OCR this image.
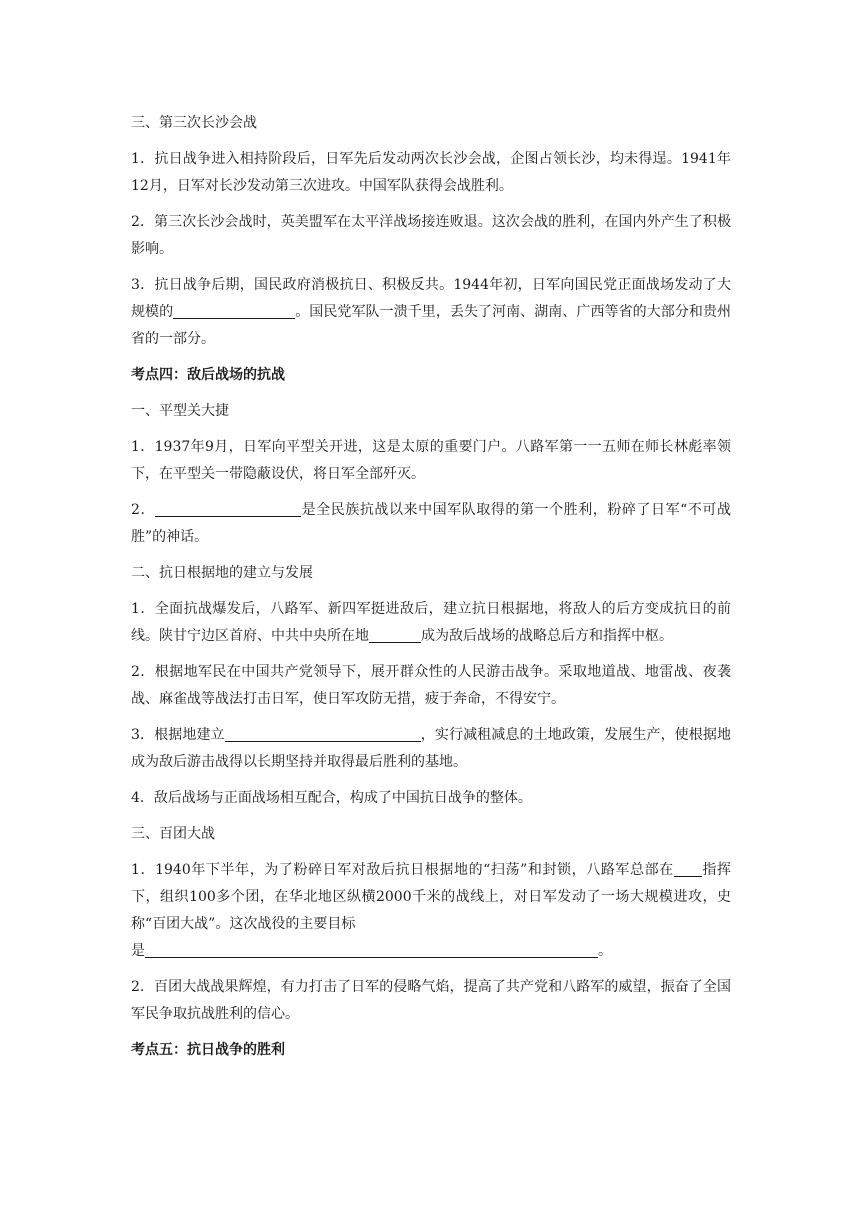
三、第三次长沙会战

1．抗日战争进入相持阶段后，日军先后发动两次长沙会战，企图占领长沙，均未得逞。1941年12月，日军对长沙发动第三次进攻。中国军队获得会战胜利。

2．第三次长沙会战时，英美盟军在太平洋战场接连败退。这次会战的胜利，在国内外产生了积极影响。

3．抗日战争后期，国民政府消极抗日、积极反共。1944年初，日军向国民党正面战场发动了大规模的	。国民党军队一溃千里，丢失了河南、湖南、广西等省的大部分和贵州省的一部分。

考点四：敌后战场的抗战

一、平型关大捷

1．1937年9月，日军向平型关开进，这是太原的重要门户。八路军第一一五师在师长林彪率领下，在平型关一带隐蔽设伏，将日军全部歼灭。

2．	是全民族抗战以来中国军队取得的第一个胜利，粉碎了日军“不可战胜”的神话。

二、抗日根据地的建立与发展

1．全面抗战爆发后，八路军、新四军挺进敌后，建立抗日根据地，将敌人的后方变成抗日的前线。陕甘宁边区首府、中共中央所在地	成为敌后战场的战略总后方和指挥中枢。

2．根据地军民在中国共产党领导下，展开群众性的人民游击战争。采取地道战、地雷战、夜袭战、麻雀战等战法打击日军，使日军攻防无措，疲于奔命，不得安宁。

3．根据地建立	，实行减租减息的土地政策，发展生产，使根据地成为敌后游击战得以长期坚持并取得最后胜利的基地。

4．敌后战场与正面战场相互配合，构成了中国抗日战争的整体。

三、百团大战

1．1940年下半年，为了粉碎日军对敌后抗日根据地的“扫荡”和封锁，八路军总部在 指挥下，组织100多个团，在华北地区纵横2000千米的战线上，对日军发动了一场大规模进攻，史称“百团大战”。这次战役的主要目标

是	。

2．百团大战战果辉煌，有力打击了日军的侵略气焰，提高了共产党和八路军的威望，振奋了全国军民争取抗战胜利的信心。

考点五：抗日战争的胜利
